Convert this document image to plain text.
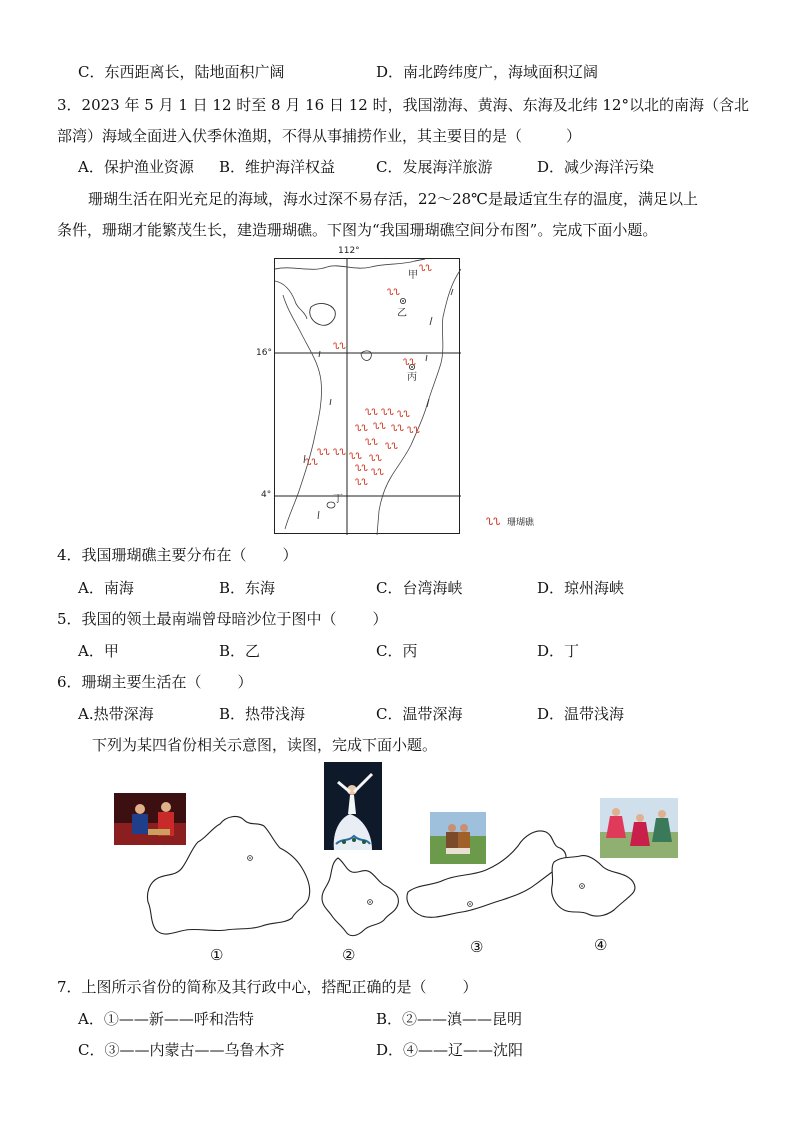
C．东西距离长，陆地面积广阔	D．南北跨纬度广，海域面积辽阔
3．2023 年 5 月 1 日 12 时至 8 月 16 日 12 时，我国渤海、黄海、东海及北纬 12°以北的南海（含北
部湾）海域全面进入伏季休渔期，不得从事捕捞作业，其主要目的是（	）
A．保护渔业资源 B．维护海洋权益	C．发展海洋旅游	D．减少海洋污染
珊瑚生活在阳光充足的海域，海水过深不易存活，22～28℃是最适宜生存的温度，满足以上
条件，珊瑚才能繁茂生长，建造珊瑚礁。下图为“我国珊瑚礁空间分布图”。完成下面小题。
112°
16°
4°
甲
乙
丙
丁
ᔐᔐ
ᔐᔐ
ᔐᔐ
ᔐᔐ
ᔐᔐ ᔐᔐ ᔐᔐ
ᔐᔐ ᔐᔐ ᔐᔐ ᔐᔐ
ᔐᔐ ᔐᔐ
ᔐᔐ ᔐᔐ ᔐᔐ ᔐᔐ
ᔐᔐ
ᔐᔐ ᔐᔐ
ᔐᔐ
ᔐᔐ 珊瑚礁
4．我国珊瑚礁主要分布在（ ）
A．南海	B．东海	C．台湾海峡	D．琼州海峡
5．我国的领土最南端曾母暗沙位于图中（ ）
A．甲	B．乙	C．丙	D．丁
6．珊瑚主要生活在（ ）
A.热带深海	B．热带浅海	C．温带深海	D．温带浅海
下列为某四省份相关示意图，读图，完成下面小题。
①	②	③	④
7．上图所示省份的简称及其行政中心，搭配正确的是（ ）
A．①——新——呼和浩特	B．②——滇——昆明
C．③——内蒙古——乌鲁木齐	D．④——辽——沈阳
